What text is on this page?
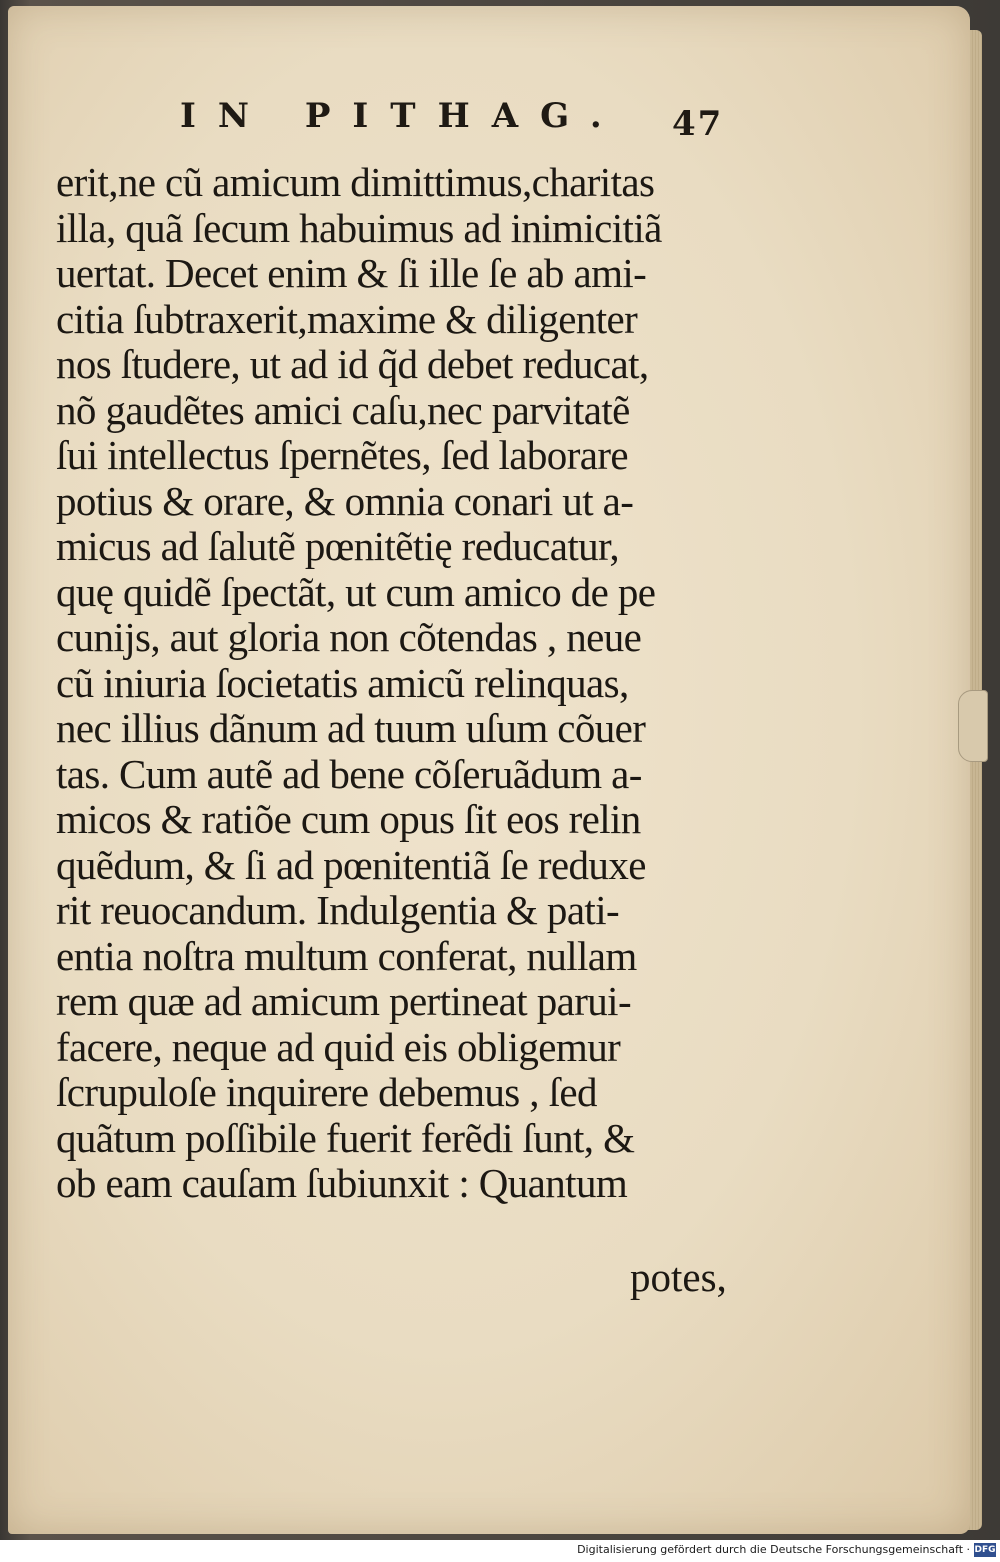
IN PITHAG.	47
erit,ne cũ amicum dimittimus,charitas
illa, quã ſecum habuimus ad inimicitiã
uertat. Decet enim & ſi ille ſe ab ami-
citia ſubtraxerit,maxime & diligenter
nos ſtudere, ut ad id q̃d debet reducat,
nõ gaudẽtes amici caſu,nec parvitatẽ
ſui intellectus ſpernẽtes, ſed laborare
potius & orare, & omnia conari ut a-
micus ad ſalutẽ pœnitẽtię reducatur,
quę quidẽ ſpectãt, ut cum amico de pe
cunijs, aut gloria non cõtendas , neue
cũ iniuria ſocietatis amicũ relinquas,
nec illius dãnum ad tuum uſum cõuer
tas. Cum autẽ ad bene cõſeruãdum a-
micos & ratiõe cum opus ſit eos relin
quẽdum, & ſi ad pœnitentiã ſe reduxe
rit reuocandum. Indulgentia & pati-
entia noſtra multum conferat, nullam
rem quæ ad amicum pertineat parui-
facere, neque ad quid eis obligemur
ſcrupuloſe inquirere debemus , ſed
quãtum poſſibile fuerit ferẽdi ſunt, &
ob eam cauſam ſubiunxit : Quantum
potes,
Digitalisierung gefördert durch die Deutsche Forschungsgemeinschaft · DFG
